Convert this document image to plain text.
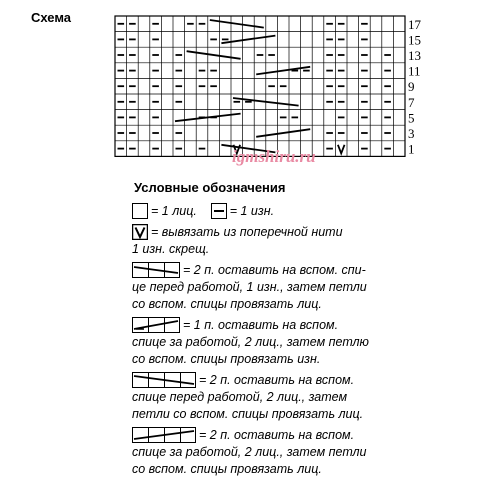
Схема	17
15
13
11
9
7
5
3
1
igmshiru.ru
Условные обозначения
= 1 лиц.	= 1 изн.
= вывязать из поперечной нити
1 изн. скрещ.
= 2 п. оставить на вспом. спи-
це перед работой, 1 изн., затем петли
со вспом. спицы провязать лиц.
= 1 п. оставить на вспом.
спице за работой, 2 лиц., затем петлю
со вспом. спицы провязать изн.
= 2 п. оставить на вспом.
спице перед работой, 2 лиц., затем
петли со вспом. спицы провязать лиц.
= 2 п. оставить на вспом.
спице за работой, 2 лиц., затем петли
со вспом. спицы провязать лиц.
